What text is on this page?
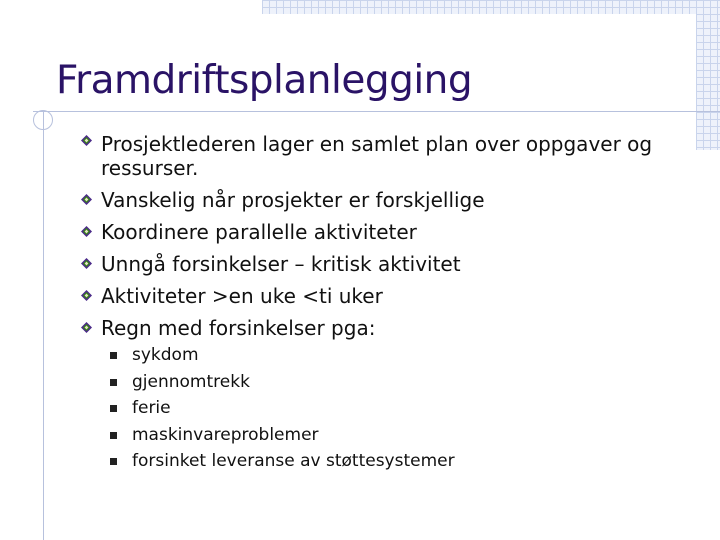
Framdriftsplanlegging
Prosjektlederen lager en samlet plan over oppgaver og ressurser.
Vanskelig når prosjekter er forskjellige
Koordinere parallelle aktiviteter
Unngå forsinkelser – kritisk aktivitet
Aktiviteter >en uke <ti uker
Regn med forsinkelser pga:
sykdom
gjennomtrekk
ferie
maskinvareproblemer
forsinket leveranse av støttesystemer
